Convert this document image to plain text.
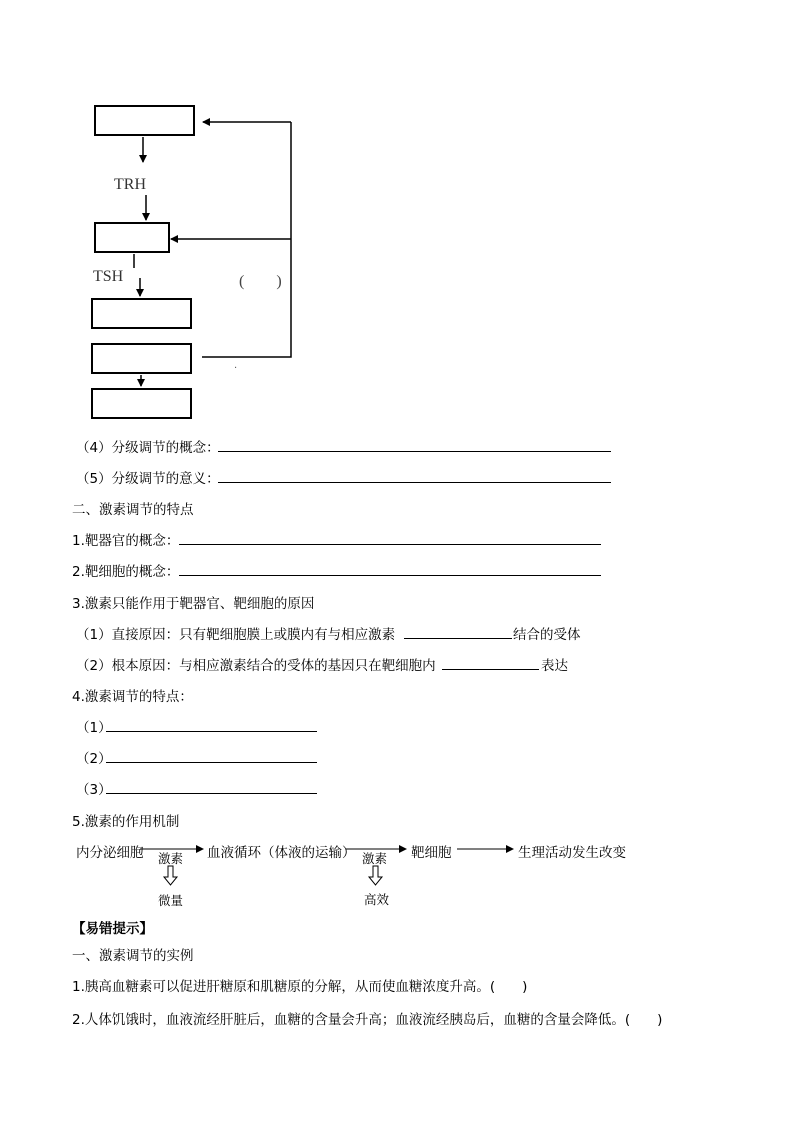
TRH
TSH	(　　)
.
（4）分级调节的概念：
（5）分级调节的意义：
二、激素调节的特点
1.靶器官的概念：
2.靶细胞的概念：
3.激素只能作用于靶器官、靶细胞的原因
（1）直接原因：只有靶细胞膜上或膜内有与相应激素	结合的受体
（2）根本原因：与相应激素结合的受体的基因只在靶细胞内	表达
4.激素调节的特点：
（1）
（2）
（3）
5.激素的作用机制
内分泌细胞 激素 血液循环（体液的运输） 激素 靶细胞	生理活动发生改变
微量	高效
【易错提示】
一、激素调节的实例
1.胰高血糖素可以促进肝糖原和肌糖原的分解，从而使血糖浓度升高。(　　)
2.人体饥饿时，血液流经肝脏后，血糖的含量会升高；血液流经胰岛后，血糖的含量会降低。(　　)
